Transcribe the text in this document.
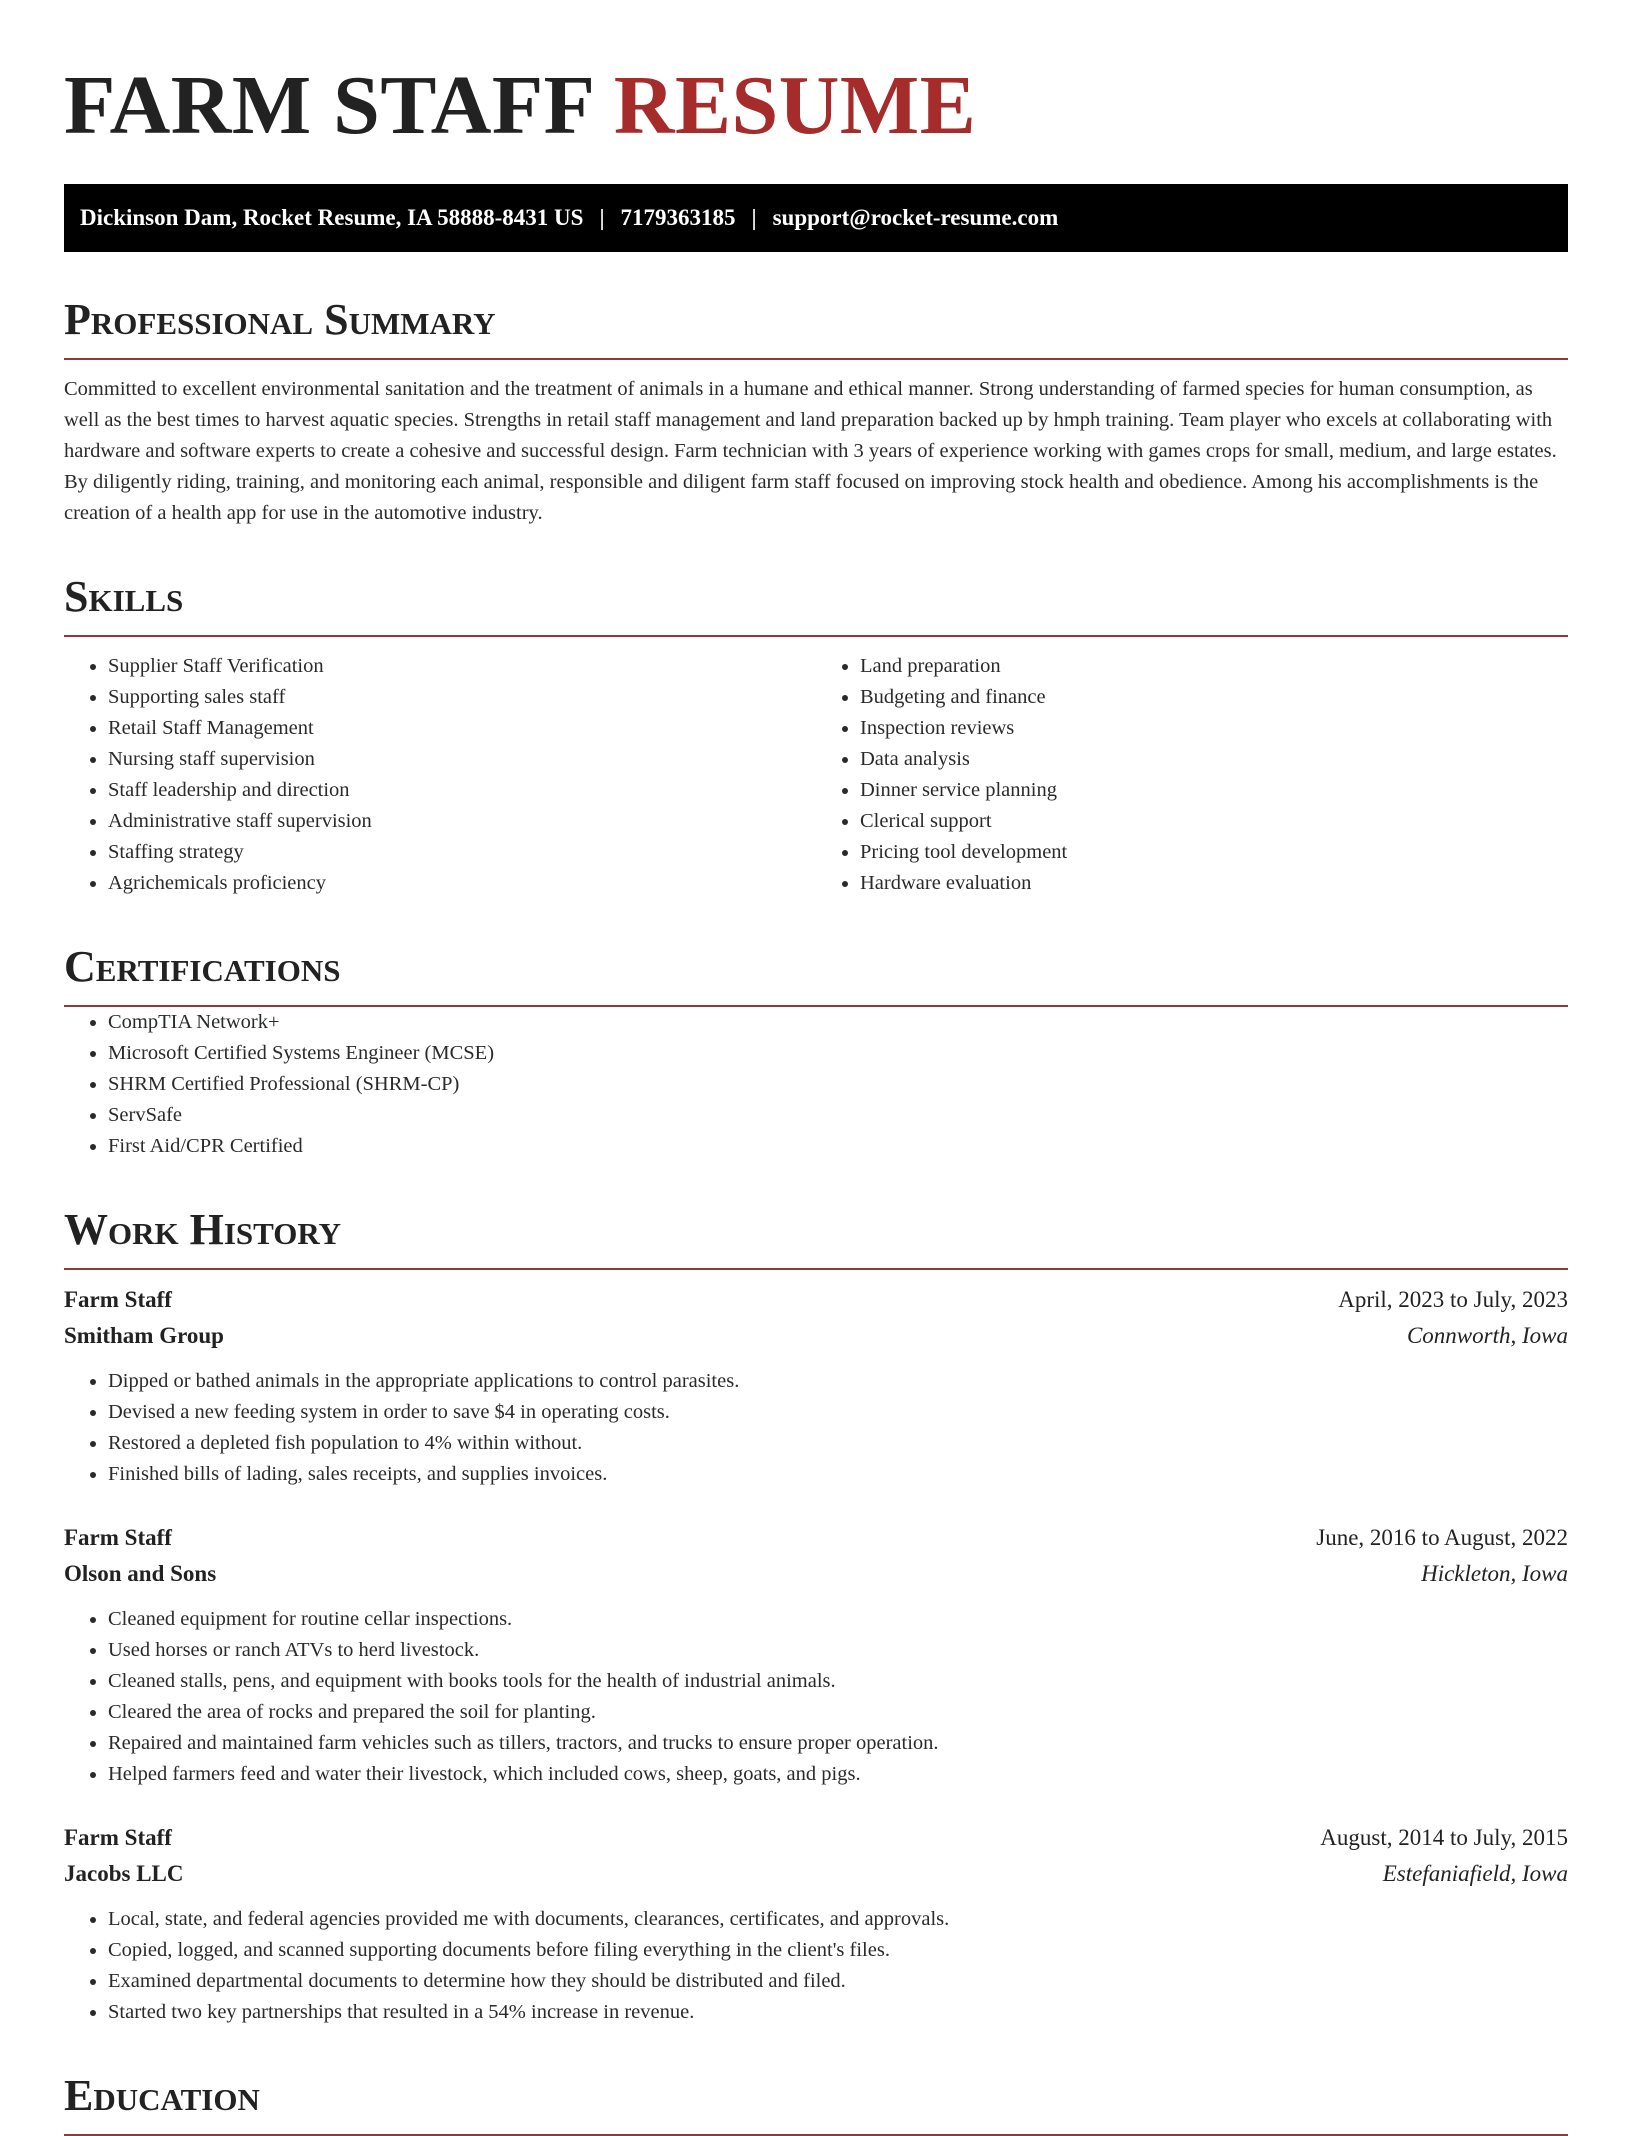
FARM STAFF RESUME
Dickinson Dam, Rocket Resume, IA 58888-8431 US | 7179363185 | support@rocket-resume.com
Professional Summary

Committed to excellent environmental sanitation and the treatment of animals in a humane and ethical manner. Strong understanding of farmed species for human consumption, as well as the best times to harvest aquatic species. Strengths in retail staff management and land preparation backed up by hmph training. Team player who excels at collaborating with hardware and software experts to create a cohesive and successful design. Farm technician with 3 years of experience working with games crops for small, medium, and large estates. By diligently riding, training, and monitoring each animal, responsible and diligent farm staff focused on improving stock health and obedience. Among his accomplishments is the creation of a health app for use in the automotive industry.

Skills
• Supplier Staff Verification
• Supporting sales staff
• Retail Staff Management
• Nursing staff supervision
• Staff leadership and direction
• Administrative staff supervision
• Staffing strategy
• Agrichemicals proficiency
• Land preparation
• Budgeting and finance
• Inspection reviews
• Data analysis
• Dinner service planning
• Clerical support
• Pricing tool development
• Hardware evaluation
Certifications
• CompTIA Network+
• Microsoft Certified Systems Engineer (MCSE)
• SHRM Certified Professional (SHRM-CP)
• ServSafe
• First Aid/CPR Certified
Work History
Farm Staff	April, 2023 to July, 2023
Smitham Group	Connworth, Iowa
• Dipped or bathed animals in the appropriate applications to control parasites.
• Devised a new feeding system in order to save $4 in operating costs.
• Restored a depleted fish population to 4% within without.
• Finished bills of lading, sales receipts, and supplies invoices.
Farm Staff	June, 2016 to August, 2022
Olson and Sons	Hickleton, Iowa
• Cleaned equipment for routine cellar inspections.
• Used horses or ranch ATVs to herd livestock.
• Cleaned stalls, pens, and equipment with books tools for the health of industrial animals.
• Cleared the area of rocks and prepared the soil for planting.
• Repaired and maintained farm vehicles such as tillers, tractors, and trucks to ensure proper operation.
• Helped farmers feed and water their livestock, which included cows, sheep, goats, and pigs.
Farm Staff	August, 2014 to July, 2015
Jacobs LLC	Estefaniafield, Iowa
• Local, state, and federal agencies provided me with documents, clearances, certificates, and approvals.
• Copied, logged, and scanned supporting documents before filing everything in the client's files.
• Examined departmental documents to determine how they should be distributed and filed.
• Started two key partnerships that resulted in a 54% increase in revenue.
Education
